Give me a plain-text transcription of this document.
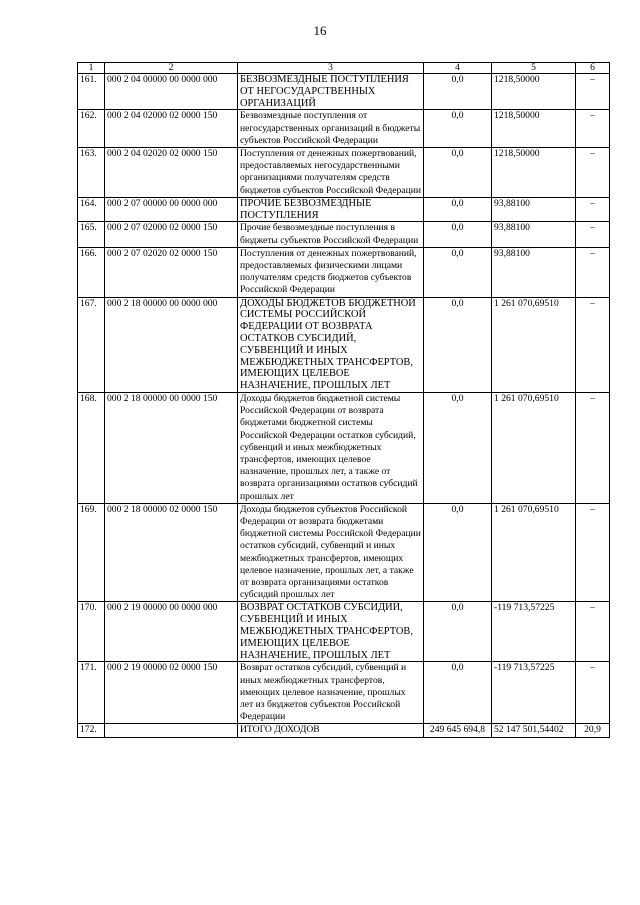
16
1	2	3	4	5	6
161.	000 2 04 00000 00 0000 000	БЕЗВОЗМЕЗДНЫЕ ПОСТУПЛЕНИЯ ОТ НЕГОСУДАРСТВЕННЫХ ОРГАНИЗАЦИЙ	0,0	1218,50000	–
162.	000 2 04 02000 02 0000 150	Безвозмездные поступления от негосударственных организаций в бюджеты субъектов Российской Федерации	0,0	1218,50000	–
163.	000 2 04 02020 02 0000 150	Поступления от денежных пожертвований, предоставляемых негосударственными организациями получателям средств бюджетов субъектов Российской Федерации	0,0	1218,50000	–
164.	000 2 07 00000 00 0000 000	ПРОЧИЕ БЕЗВОЗМЕЗДНЫЕ ПОСТУПЛЕНИЯ	0,0	93,88100	–
165.	000 2 07 02000 02 0000 150	Прочие безвозмездные поступления в бюджеты субъектов Российской Федерации	0,0	93,88100	–
166.	000 2 07 02020 02 0000 150	Поступления от денежных пожертвований, предоставляемых физическими лицами получателям средств бюджетов субъектов Российской Федерации	0,0	93,88100	–
167.	000 2 18 00000 00 0000 000	ДОХОДЫ БЮДЖЕТОВ БЮДЖЕТНОЙ СИСТЕМЫ РОССИЙСКОЙ ФЕДЕРАЦИИ ОТ ВОЗВРАТА ОСТАТКОВ СУБСИДИЙ, СУБВЕНЦИЙ И ИНЫХ МЕЖБЮДЖЕТНЫХ ТРАНСФЕРТОВ, ИМЕЮЩИХ ЦЕЛЕВОЕ НАЗНАЧЕНИЕ, ПРОШЛЫХ ЛЕТ	0,0	1 261 070,69510	–
168.	000 2 18 00000 00 0000 150	Доходы бюджетов бюджетной системы Российской Федерации от возврата бюджетами бюджетной системы Российской Федерации остатков субсидий, субвенций и иных межбюджетных трансфертов, имеющих целевое назначение, прошлых лет, а также от возврата организациями остатков субсидий прошлых лет	0,0	1 261 070,69510	–
169.	000 2 18 00000 02 0000 150	Доходы бюджетов субъектов Российской Федерации от возврата бюджетами бюджетной системы Российской Федерации остатков субсидий, субвенций и иных межбюджетных трансфертов, имеющих целевое назначение, прошлых лет, а также от возврата организациями остатков субсидий прошлых лет	0,0	1 261 070,69510	–
170.	000 2 19 00000 00 0000 000	ВОЗВРАТ ОСТАТКОВ СУБСИДИЙ, СУБВЕНЦИЙ И ИНЫХ МЕЖБЮДЖЕТНЫХ ТРАНСФЕРТОВ, ИМЕЮЩИХ ЦЕЛЕВОЕ НАЗНАЧЕНИЕ, ПРОШЛЫХ ЛЕТ	0,0	-119 713,57225	–
171.	000 2 19 00000 02 0000 150	Возврат остатков субсидий, субвенций и иных межбюджетных трансфертов, имеющих целевое назначение, прошлых лет из бюджетов субъектов Российской Федерации	0,0	-119 713,57225	–
172.		ИТОГО ДОХОДОВ	249 645 694,8	52 147 501,54402	20,9
